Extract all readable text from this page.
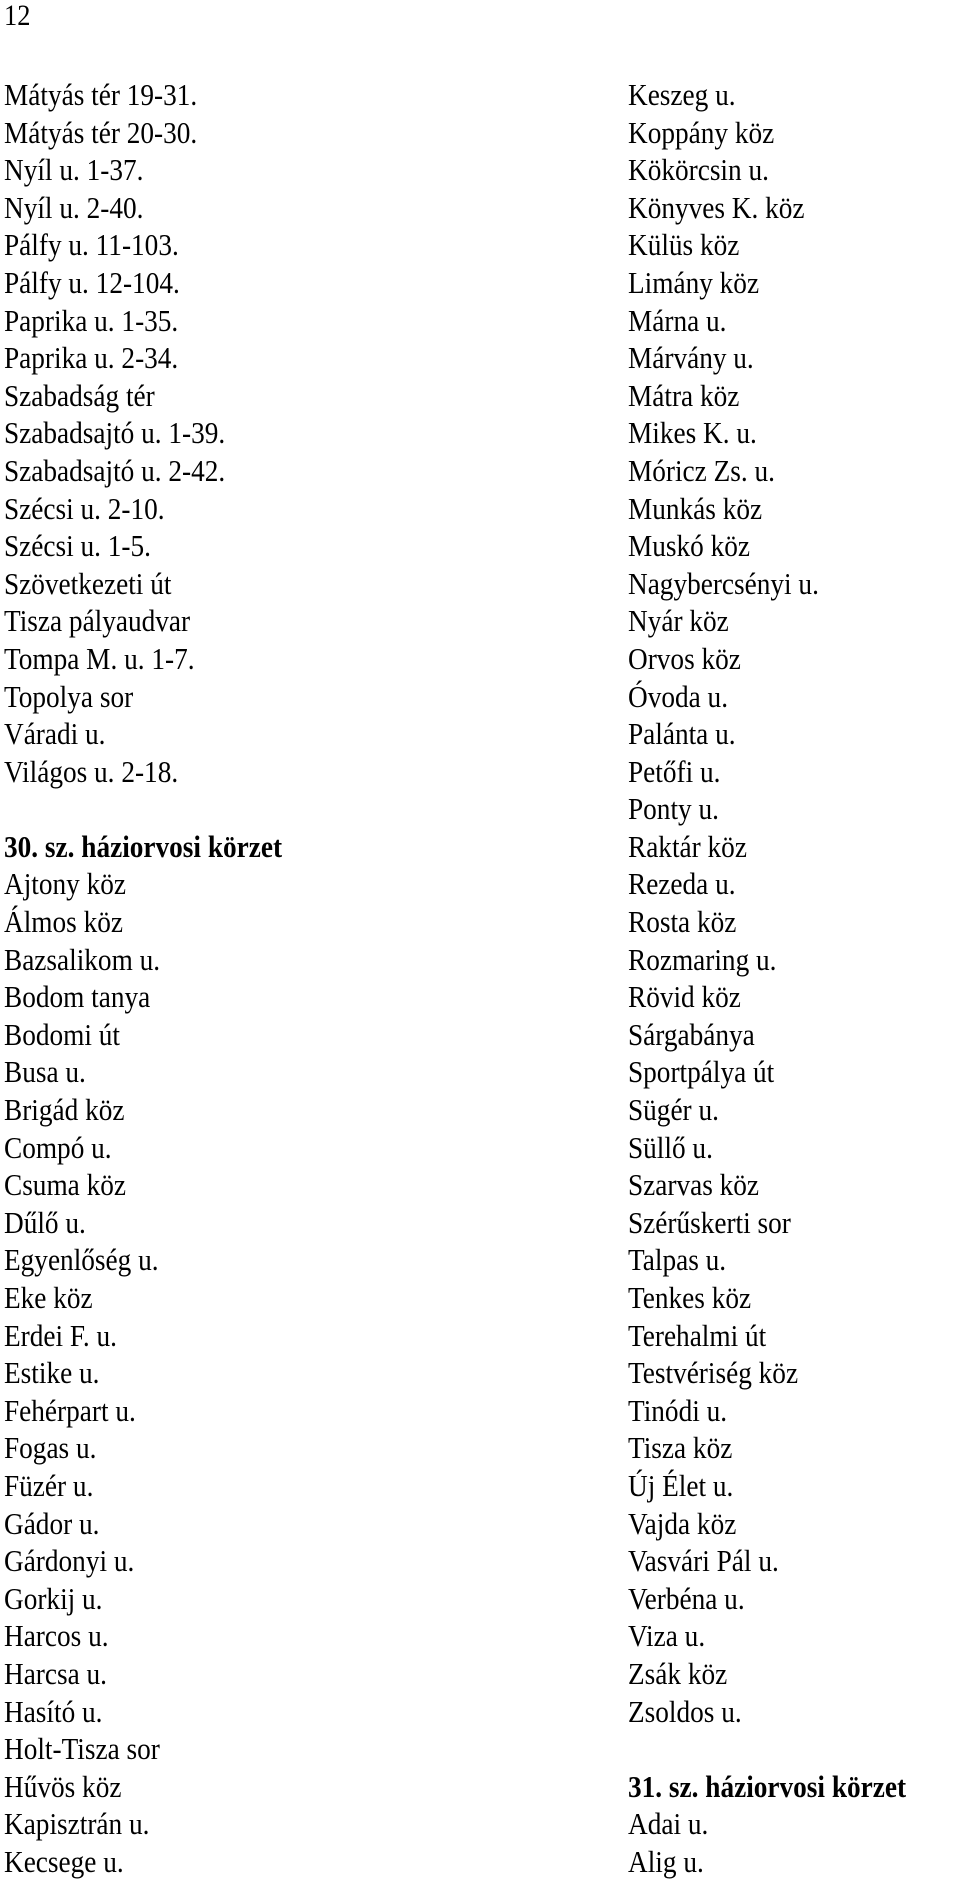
12
Mátyás tér 19-31.
Mátyás tér 20-30.
Nyíl u. 1-37.
Nyíl u. 2-40.
Pálfy u. 11-103.
Pálfy u. 12-104.
Paprika u. 1-35.
Paprika u. 2-34.
Szabadság tér
Szabadsajtó u. 1-39.
Szabadsajtó u. 2-42.
Szécsi u. 2-10.
Szécsi u. 1-5.
Szövetkezeti út
Tisza pályaudvar
Tompa M. u. 1-7.
Topolya sor
Váradi u.
Világos u. 2-18.
30. sz. háziorvosi körzet
Ajtony köz
Álmos köz
Bazsalikom u.
Bodom tanya
Bodomi út
Busa u.
Brigád köz
Compó u.
Csuma köz
Dűlő u.
Egyenlőség u.
Eke köz
Erdei F. u.
Estike u.
Fehérpart u.
Fogas u.
Füzér u.
Gádor u.
Gárdonyi u.
Gorkij u.
Harcos u.
Harcsa u.
Hasító u.
Holt-Tisza sor
Hűvös köz
Kapisztrán u.
Kecsege u.
Keszeg u.
Koppány köz
Kökörcsin u.
Könyves K. köz
Külüs köz
Limány köz
Márna u.
Márvány u.
Mátra köz
Mikes K. u.
Móricz Zs. u.
Munkás köz
Muskó köz
Nagybercsényi u.
Nyár köz
Orvos köz
Óvoda u.
Palánta u.
Petőfi u.
Ponty u.
Raktár köz
Rezeda u.
Rosta köz
Rozmaring u.
Rövid köz
Sárgabánya
Sportpálya út
Sügér u.
Süllő u.
Szarvas köz
Szérűskerti sor
Talpas u.
Tenkes köz
Terehalmi út
Testvériség köz
Tinódi u.
Tisza köz
Új Élet u.
Vajda köz
Vasvári Pál u.
Verbéna u.
Viza u.
Zsák köz
Zsoldos u.
31. sz. háziorvosi körzet
Adai u.
Alig u.
